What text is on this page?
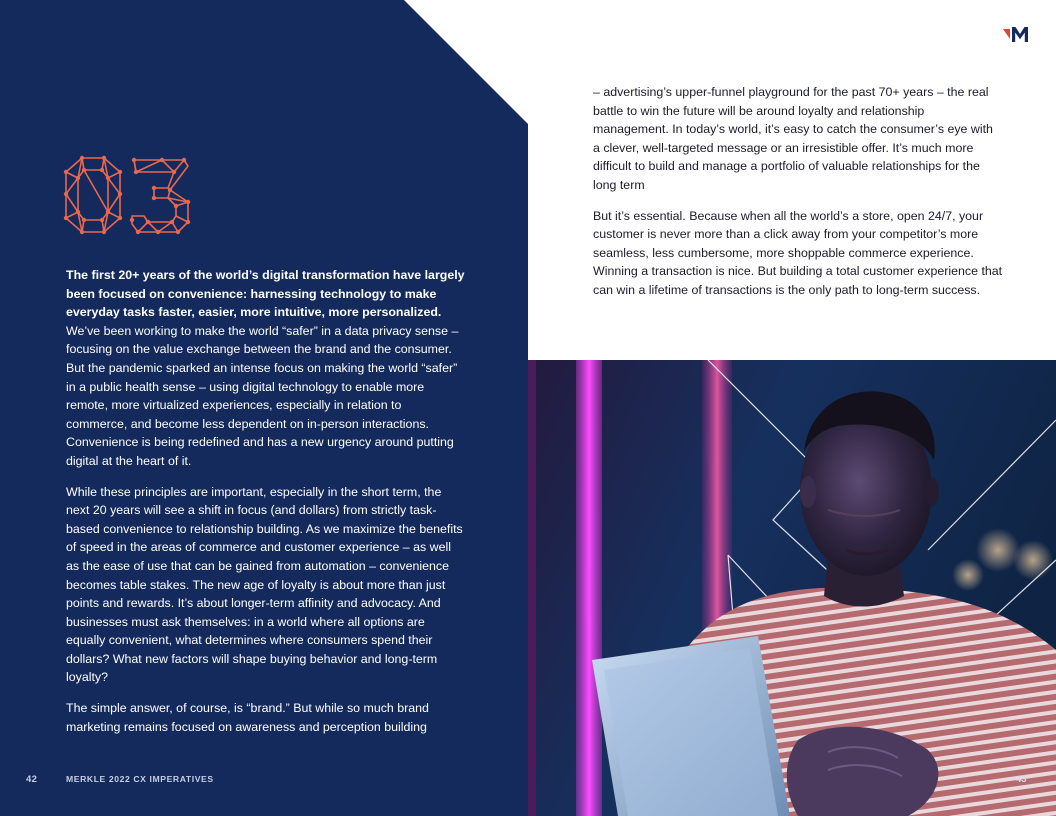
The first 20+ years of the world’s digital transformation have largely been focused on convenience: harnessing technology to make everyday tasks faster, easier, more intuitive, more personalized. We’ve been working to make the world “safer” in a data privacy sense – focusing on the value exchange between the brand and the consumer. But the pandemic sparked an intense focus on making the world “safer” in a public health sense – using digital technology to enable more remote, more virtualized experiences, especially in relation to commerce, and become less dependent on in-person interactions. Convenience is being redefined and has a new urgency around putting digital at the heart of it.

While these principles are important, especially in the short term, the next 20 years will see a shift in focus (and dollars) from strictly task-based convenience to relationship building. As we maximize the benefits of speed in the areas of commerce and customer experience – as well as the ease of use that can be gained from automation – convenience becomes table stakes. The new age of loyalty is about more than just points and rewards. It’s about longer-term affinity and advocacy. And businesses must ask themselves: in a world where all options are equally convenient, what determines where consumers spend their dollars? What new factors will shape buying behavior and long-term loyalty?

The simple answer, of course, is “brand.” But while so much brand marketing remains focused on awareness and perception building

42	MERKLE 2022 CX IMPERATIVES

– advertising’s upper-funnel playground for the past 70+ years – the real battle to win the future will be around loyalty and relationship management. In today’s world, it’s easy to catch the consumer’s eye with a clever, well-targeted message or an irresistible offer. It’s much more difficult to build and manage a portfolio of valuable relationships for the long term

But it’s essential. Because when all the world’s a store, open 24/7, your customer is never more than a click away from your competitor’s more seamless, less cumbersome, more shoppable commerce experience. Winning a transaction is nice. But building a total customer experience that can win a lifetime of transactions is the only path to long-term success.

43
